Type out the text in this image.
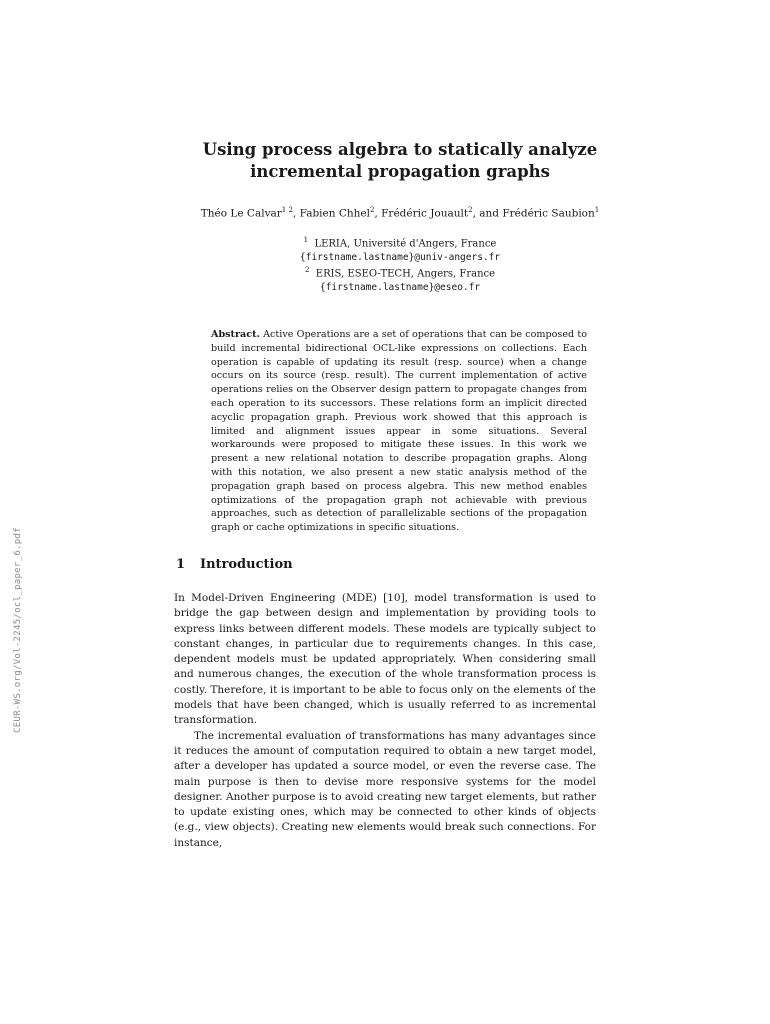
CEUR-WS.org/Vol-2245/ocl_paper_6.pdf
Using process algebra to statically analyze
incremental propagation graphs
Théo Le Calvar$^{1 2}$, Fabien Chhel$^2$, Frédéric Jouault$^2$, and Frédéric Saubion$^1$
$^1$ LERIA, Université d'Angers, France
{firstname.lastname}@univ-angers.fr
$^2$ ERIS, ESEO-TECH, Angers, France
{firstname.lastname}@eseo.fr
Abstract. Active Operations are a set of operations that can be composed to build incremental bidirectional OCL-like expressions on collections. Each operation is capable of updating its result (resp. source) when a change occurs on its source (resp. result). The current implementation of active operations relies on the Observer design pattern to propagate changes from each operation to its successors. These relations form an implicit directed acyclic propagation graph. Previous work showed that this approach is limited and alignment issues appear in some situations. Several workarounds were proposed to mitigate these issues. In this work we present a new relational notation to describe propagation graphs. Along with this notation, we also present a new static analysis method of the propagation graph based on process algebra. This new method enables optimizations of the propagation graph not achievable with previous approaches, such as detection of parallelizable sections of the propagation graph or cache optimizations in specific situations.
1 Introduction

In Model-Driven Engineering (MDE) [10], model transformation is used to bridge the gap between design and implementation by providing tools to express links between different models. These models are typically subject to constant changes, in particular due to requirements changes. In this case, dependent models must be updated appropriately. When considering small and numerous changes, the execution of the whole transformation process is costly. Therefore, it is important to be able to focus only on the elements of the models that have been changed, which is usually referred to as incremental transformation.

The incremental evaluation of transformations has many advantages since it reduces the amount of computation required to obtain a new target model, after a developer has updated a source model, or even the reverse case. The main purpose is then to devise more responsive systems for the model designer. Another purpose is to avoid creating new target elements, but rather to update existing ones, which may be connected to other kinds of objects (e.g., view objects). Creating new elements would break such connections. For instance,
